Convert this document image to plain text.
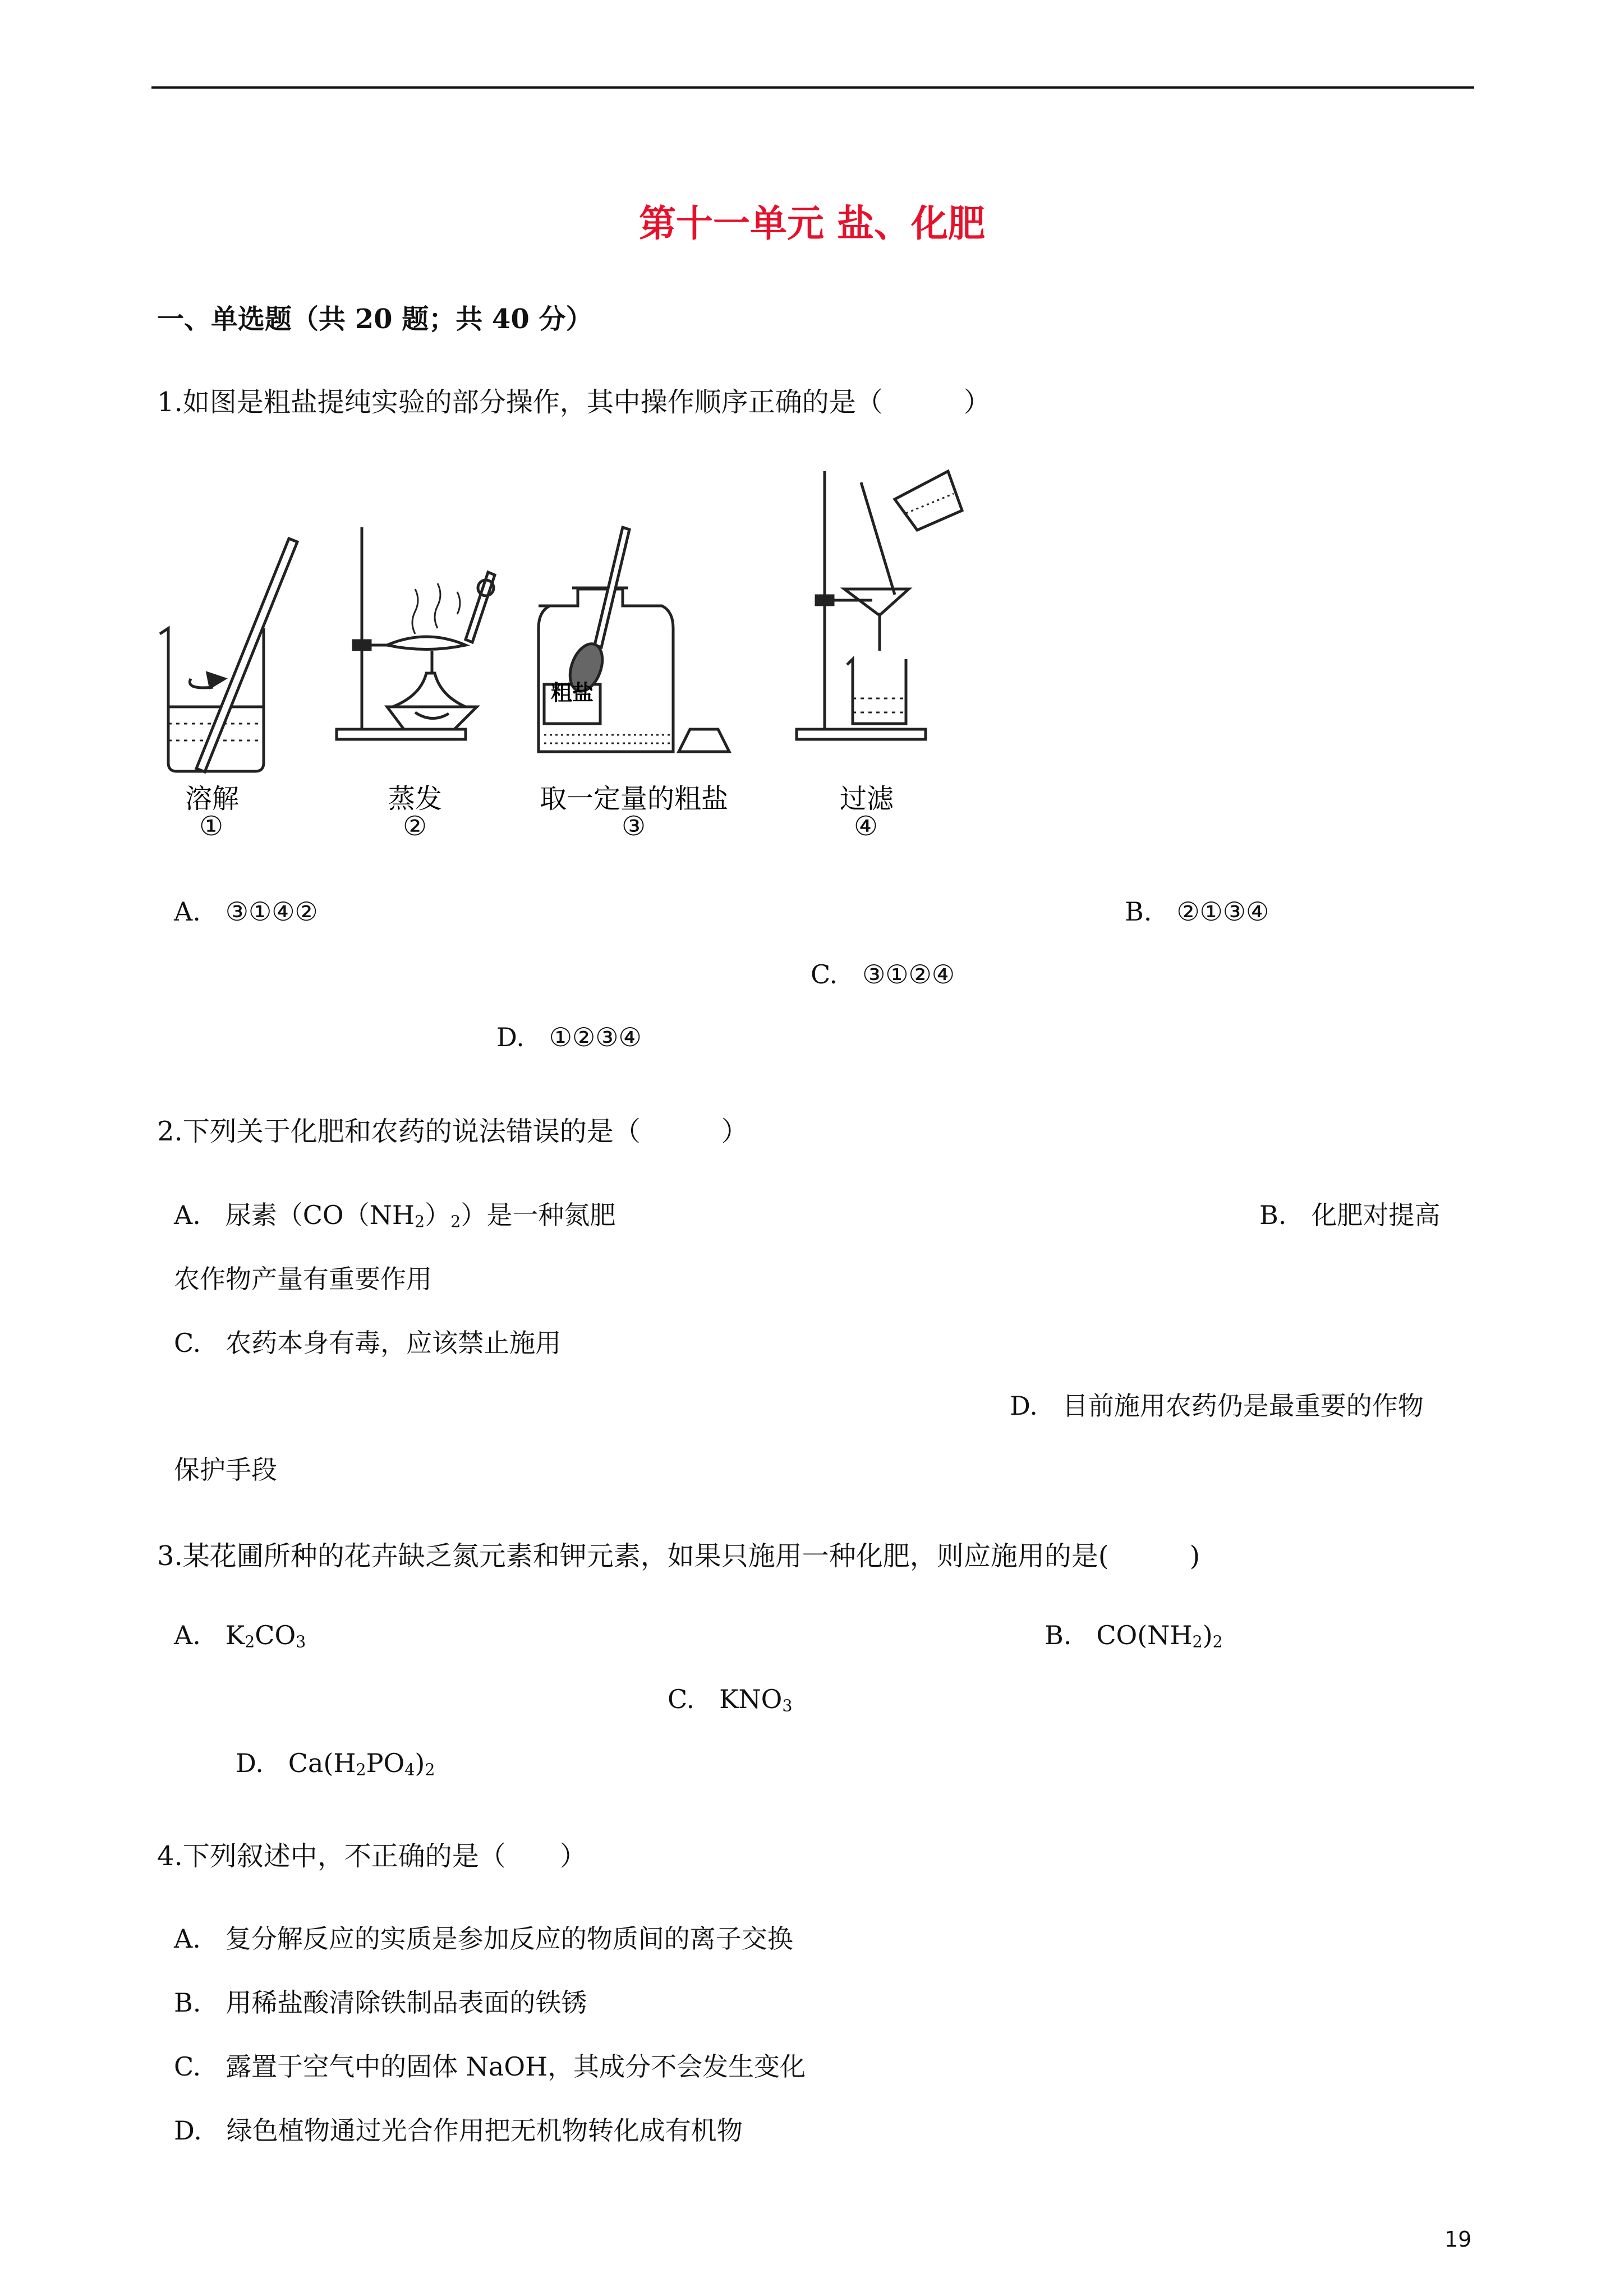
第十一单元 盐、化肥
一、单选题（共 20 题；共 40 分）
1.如图是粗盐提纯实验的部分操作，其中操作顺序正确的是（　　　）
溶解	蒸发	取一定量的粗盐	过滤
粗盐
①	②	③	④
A. ③①④②	B. ②①③④
C. ③①②④
D. ①②③④
2.下列关于化肥和农药的说法错误的是（　　　）
A. 尿素$(CO(NH_2)_2)$是一种氮肥	B. 化肥对提高
农作物产量有重要作用
C. 农药本身有毒，应该禁止施用
D. 目前施用农药仍是最重要的作物
保护手段
3.某花圃所种的花卉缺乏氮元素和钾元素，如果只施用一种化肥，则应施用的是(　　　)
A. $K_2CO_3$	B. $CO(NH_2)_2$
C. $KNO_3$
D. $Ca(H_2PO_4)_2$
4.下列叙述中，不正确的是（　　）
A. 复分解反应的实质是参加反应的物质间的离子交换
B. 用稀盐酸清除铁制品表面的铁锈
C. 露置于空气中的固体 NaOH，其成分不会发生变化
D. 绿色植物通过光合作用把无机物转化成有机物
19
